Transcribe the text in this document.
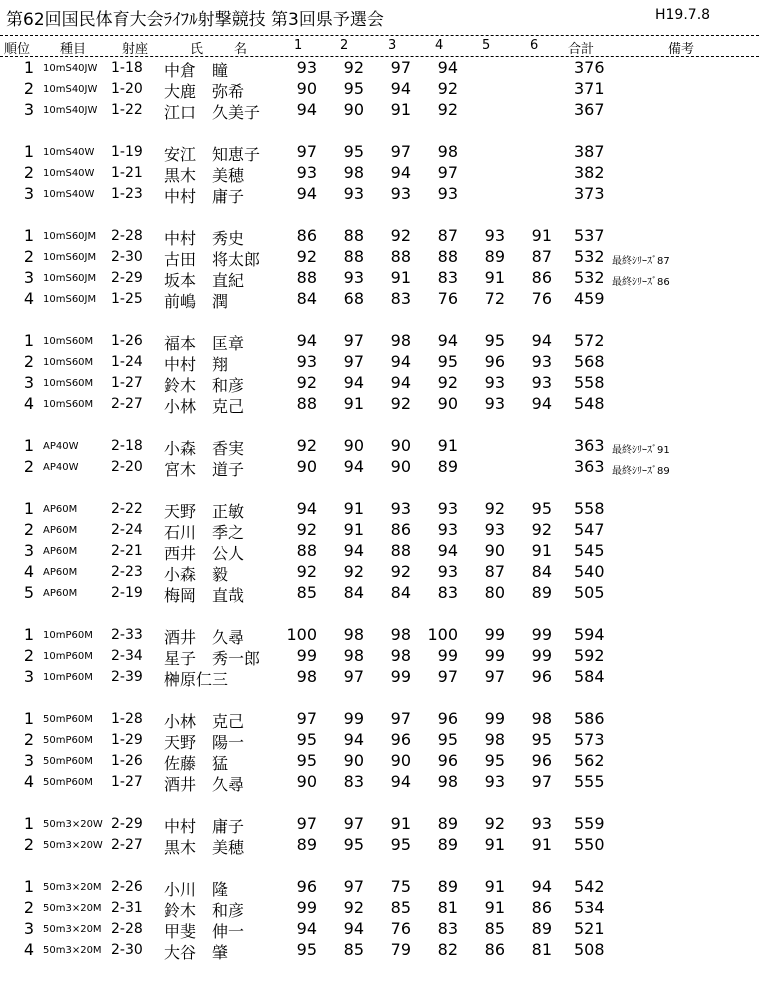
第62回国民体育大会ﾗｲﾌﾙ射撃競技 第3回県予選会	H19.7.8
順位 種目	射座	氏 名	1	2	3	4	5	6 合計	備考
1 10mS40JW 1-18 中倉 瞳	93 92 97 94	376
2 10mS40JW 1-20 大鹿 弥希	90 95 94 92	371
3 10mS40JW 1-22 江口 久美子 94 90 91 92	367
1 10mS40W 1-19 安江 知恵子 97 95 97 98	387
2 10mS40W 1-21 黒木 美穂	93 98 94 97	382
3 10mS40W 1-23 中村 庸子	94 93 93 93	373
1 10mS60JM 2-28 中村 秀史	86 88 92 87 93 91 537
2 10mS60JM 2-30 古田 将太郎 92 88 88 88 89 87 532 最終ｼﾘｰｽﾞ87
3 10mS60JM 2-29 坂本 直紀	88 93 91 83 91 86 532 最終ｼﾘｰｽﾞ86
4 10mS60JM 1-25 前嶋 潤	84 68 83 76 72 76 459
1 10mS60M 1-26 福本 匡章	94 97 98 94 95 94 572
2 10mS60M 1-24 中村 翔	93 97 94 95 96 93 568
3 10mS60M 1-27 鈴木 和彦	92 94 94 92 93 93 558
4 10mS60M 2-27 小林 克己	88 91 92 90 93 94 548
1 AP40W 2-18 小森 香実	92 90 90 91	363 最終ｼﾘｰｽﾞ91
2 AP40W 2-20 宮木 道子	90 94 90 89	363 最終ｼﾘｰｽﾞ89
1 AP60M 2-22 天野 正敏	94 91 93 93 92 95 558
2 AP60M 2-24 石川 季之	92 91 86 93 93 92 547
3 AP60M 2-21 西井 公人	88 94 88 94 90 91 545
4 AP60M 2-23 小森 毅	92 92 92 93 87 84 540
5 AP60M 2-19 梅岡 直哉	85 84 84 83 80 89 505
1 10mP60M 2-33 酒井 久尋	100 98 98 100 99 99 594
2 10mP60M 2-34 星子 秀一郎 99 98 98 99 99 99 592
3 10mP60M 2-39 榊原仁三	98 97 99 97 97 96 584
1 50mP60M 1-28 小林 克己	97 99 97 96 99 98 586
2 50mP60M 1-29 天野 陽一	95 94 96 95 98 95 573
3 50mP60M 1-26 佐藤 猛	95 90 90 96 95 96 562
4 50mP60M 1-27 酒井 久尋	90 83 94 98 93 97 555
1 50m3×20W 2-29 中村 庸子	97 97 91 89 92 93 559
2 50m3×20W 2-27 黒木 美穂	89 95 95 89 91 91 550
1 50m3×20M 2-26 小川 隆	96 97 75 89 91 94 542
2 50m3×20M 2-31 鈴木 和彦	99 92 85 81 91 86 534
3 50m3×20M 2-28 甲斐 伸一	94 94 76 83 85 89 521
4 50m3×20M 2-30 大谷 肇	95 85 79 82 86 81 508
